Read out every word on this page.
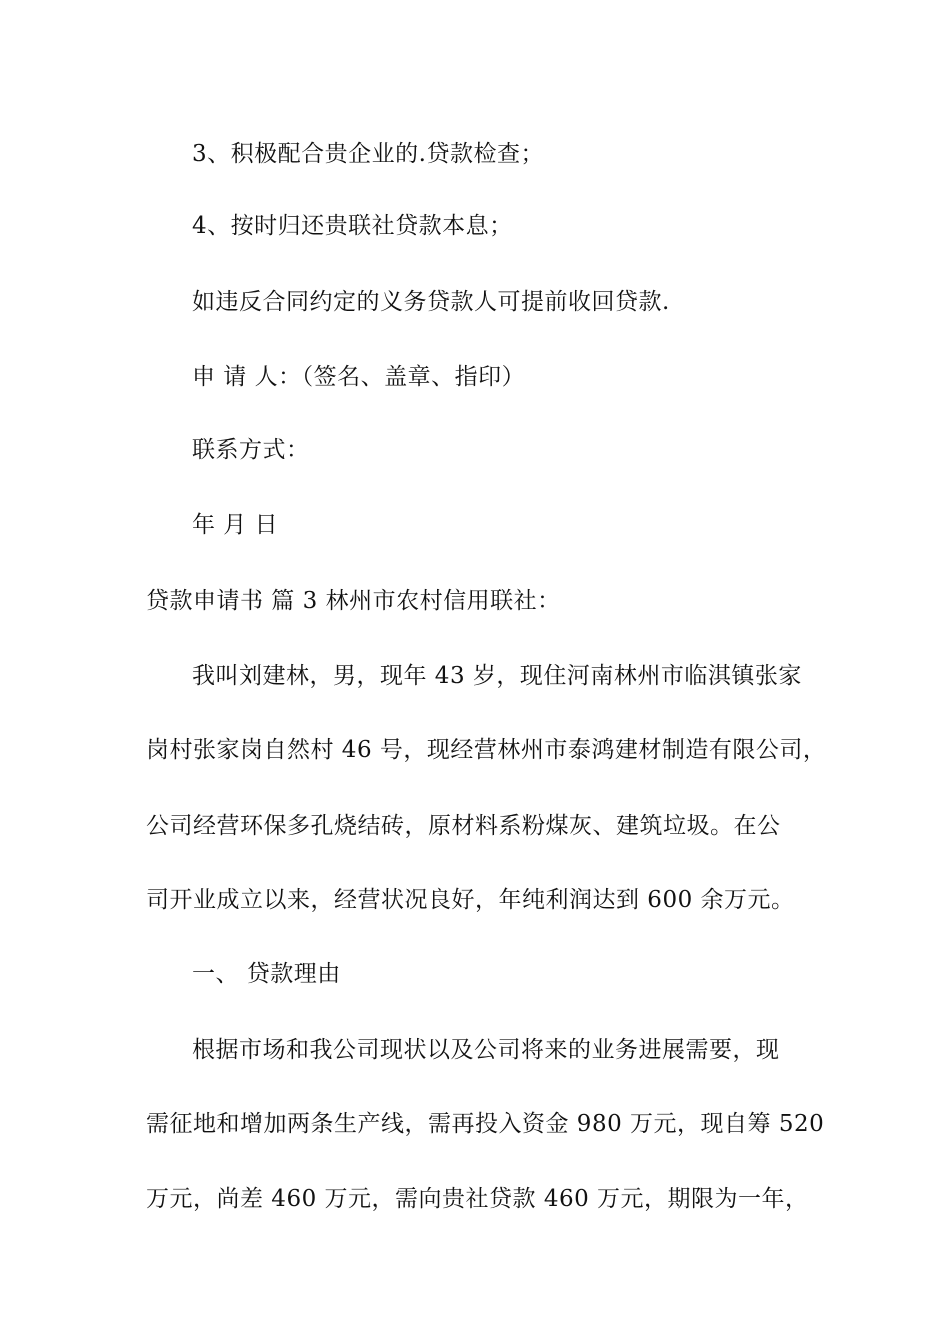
3、积极配合贵企业的.贷款检查；
4、按时归还贵联社贷款本息；
如违反合同约定的义务贷款人可提前收回贷款.
申 请 人：（签名、盖章、指印）
联系方式：
年 月 日
贷款申请书 篇 3 林州市农村信用联社：
我叫刘建林，男，现年 43 岁，现住河南林州市临淇镇张家
岗村张家岗自然村 46 号，现经营林州市泰鸿建材制造有限公司，
公司经营环保多孔烧结砖，原材料系粉煤灰、建筑垃圾。在公
司开业成立以来，经营状况良好，年纯利润达到 600 余万元。
一、 贷款理由
根据市场和我公司现状以及公司将来的业务进展需要，现
需征地和增加两条生产线，需再投入资金 980 万元，现自筹 520
万元，尚差 460 万元，需向贵社贷款 460 万元，期限为一年，
